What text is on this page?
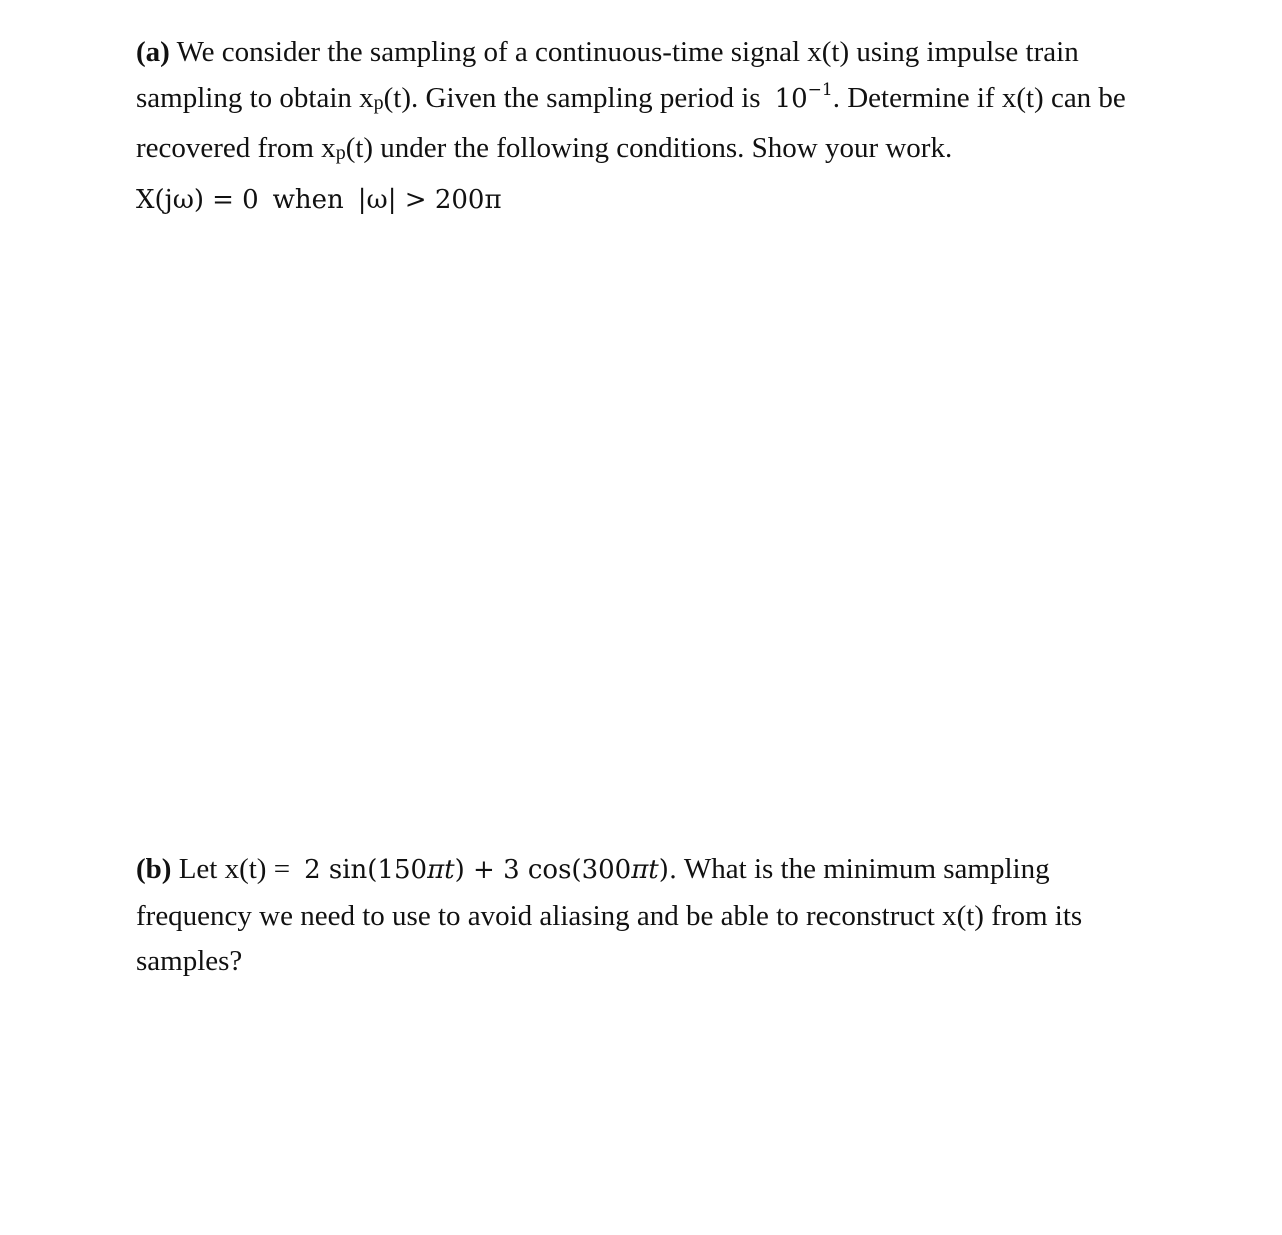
(a) We consider the sampling of a continuous-time signal x(t) using impulse train
sampling to obtain xp(t). Given the sampling period is $10^{-1}$. Determine if x(t) can be
recovered from xp(t) under the following conditions. Show your work.
X(jω) = 0 when |ω| > 200π
(b) Let x(t) = 2 sin(150πt) + 3 cos(300πt). What is the minimum sampling
frequency we need to use to avoid aliasing and be able to reconstruct x(t) from its
samples?
